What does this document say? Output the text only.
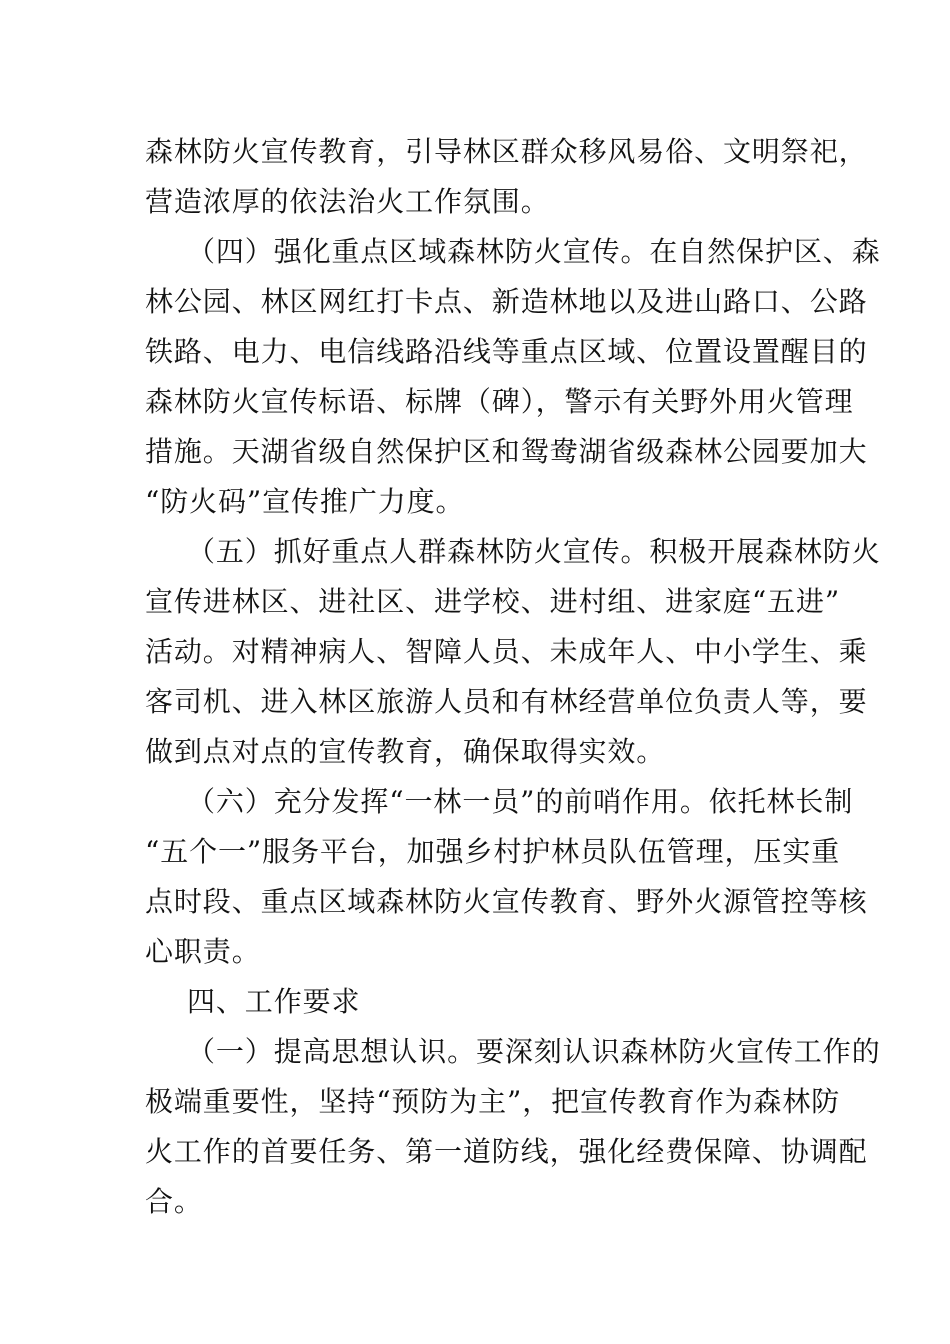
森林防火宣传教育，引导林区群众移风易俗、文明祭祀，
营造浓厚的依法治火工作氛围。
（四）强化重点区域森林防火宣传。在自然保护区、森
林公园、林区网红打卡点、新造林地以及进山路口、公路
铁路、电力、电信线路沿线等重点区域、位置设置醒目的
森林防火宣传标语、标牌（碑），警示有关野外用火管理
措施。天湖省级自然保护区和鸳鸯湖省级森林公园要加大
“防火码”宣传推广力度。
（五）抓好重点人群森林防火宣传。积极开展森林防火
宣传进林区、进社区、进学校、进村组、进家庭“五进”
活动。对精神病人、智障人员、未成年人、中小学生、乘
客司机、进入林区旅游人员和有林经营单位负责人等，要
做到点对点的宣传教育，确保取得实效。
（六）充分发挥“一林一员”的前哨作用。依托林长制
“五个一”服务平台，加强乡村护林员队伍管理，压实重
点时段、重点区域森林防火宣传教育、野外火源管控等核
心职责。
四、工作要求
（一）提高思想认识。要深刻认识森林防火宣传工作的
极端重要性，坚持“预防为主”，把宣传教育作为森林防
火工作的首要任务、第一道防线，强化经费保障、协调配
合。
